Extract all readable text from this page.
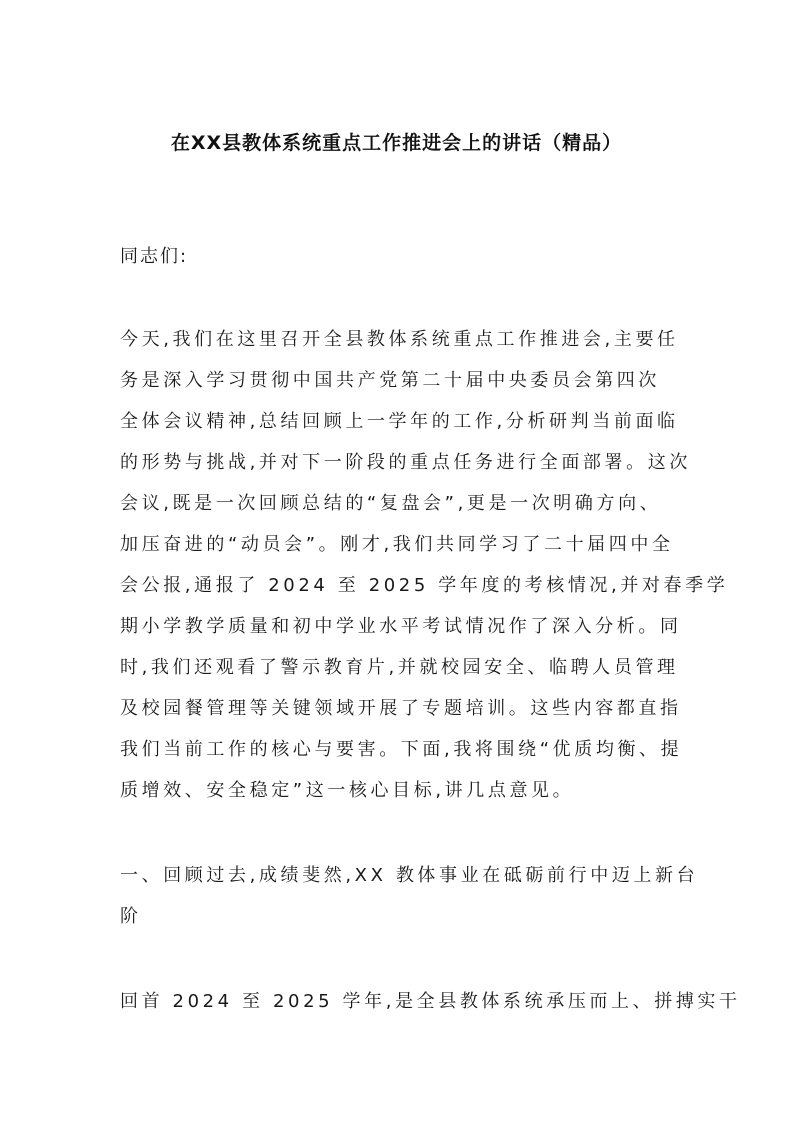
在XX县教体系统重点工作推进会上的讲话（精品）

同志们:

今天,我们在这里召开全县教体系统重点工作推进会,主要任

务是深入学习贯彻中国共产党第二十届中央委员会第四次

全体会议精神,总结回顾上一学年的工作,分析研判当前面临

的形势与挑战,并对下一阶段的重点任务进行全面部署。这次

会议,既是一次回顾总结的“复盘会”,更是一次明确方向、

加压奋进的“动员会”。刚才,我们共同学习了二十届四中全

会公报,通报了 2024 至 2025 学年度的考核情况,并对春季学

期小学教学质量和初中学业水平考试情况作了深入分析。同

时,我们还观看了警示教育片,并就校园安全、临聘人员管理

及校园餐管理等关键领域开展了专题培训。这些内容都直指

我们当前工作的核心与要害。下面,我将围绕“优质均衡、提

质增效、安全稳定”这一核心目标,讲几点意见。

一、回顾过去,成绩斐然,XX 教体事业在砥砺前行中迈上新台

阶

回首 2024 至 2025 学年,是全县教体系统承压而上、拼搏实干
